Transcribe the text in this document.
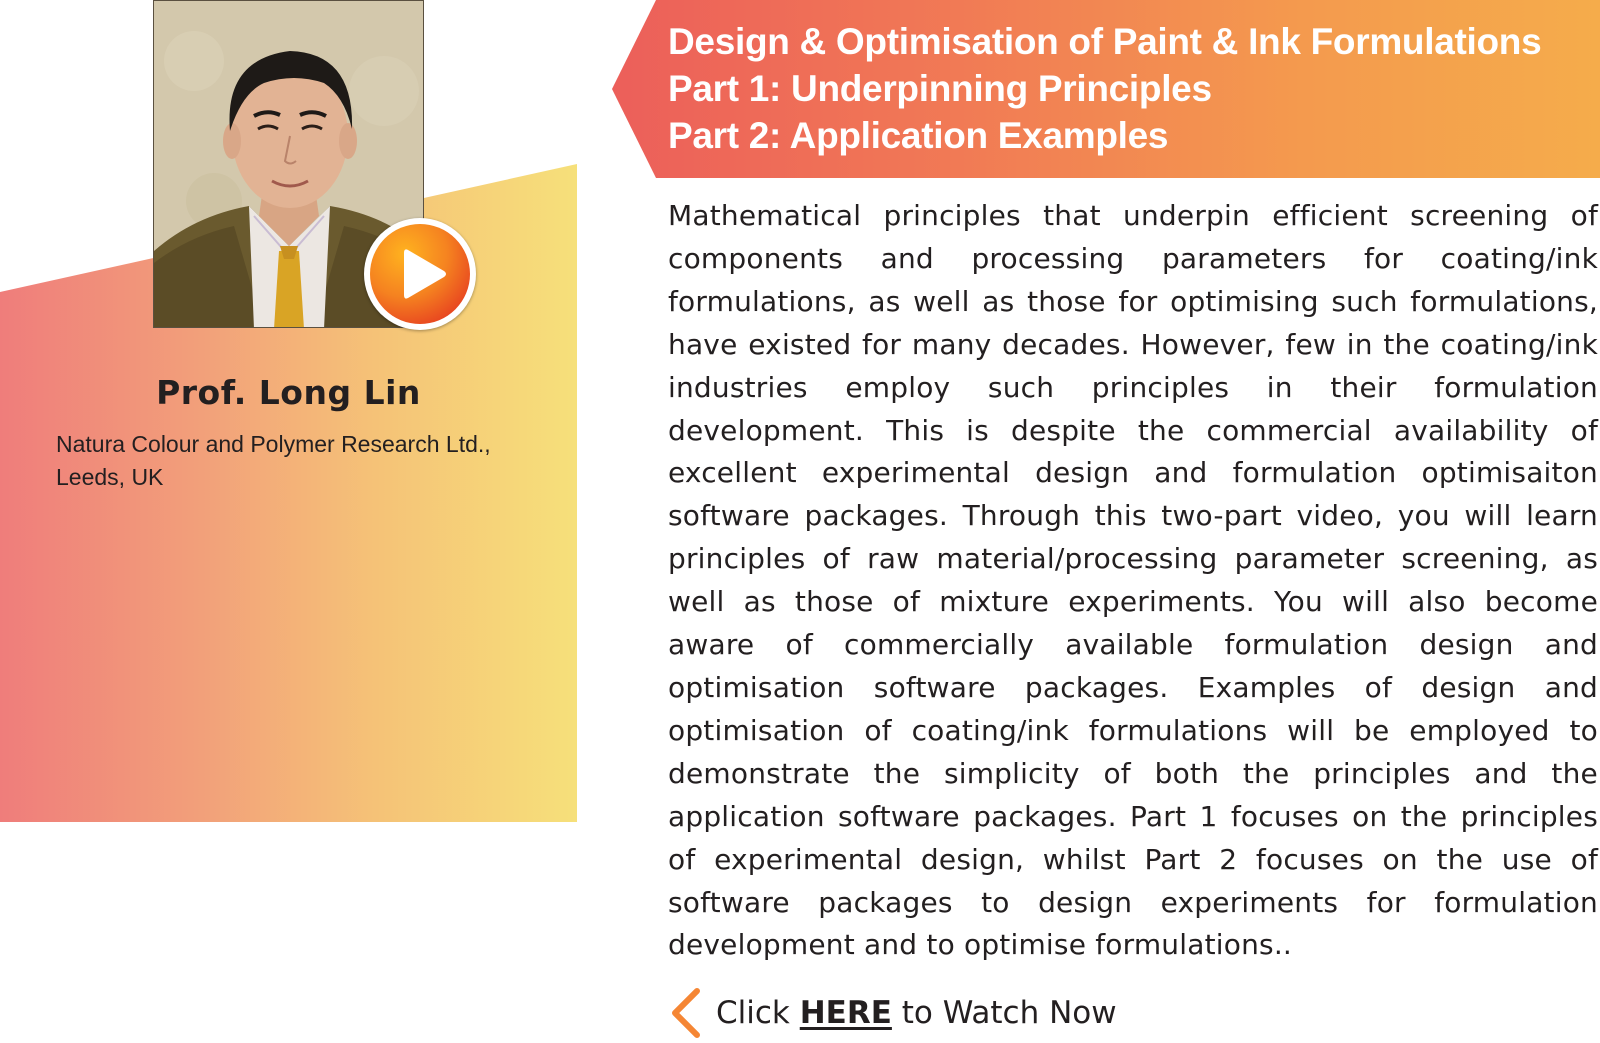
Prof. Long Lin
Natura Colour and Polymer Research Ltd.,
Leeds, UK
Design & Optimisation of Paint & Ink Formulations
Part 1: Underpinning Principles
Part 2: Application Examples
Mathematical principles that underpin efficient screening of components and processing parameters for coating/ink formulations, as well as those for optimising such formulations, have existed for many decades. However, few in the coating/ink industries employ such principles in their formulation development. This is despite the commercial availability of excellent experimental design and formulation optimisaiton software packages. Through this two-part video, you will learn principles of raw material/processing parameter screening, as well as those of mixture experiments. You will also become aware of commercially available formulation design and optimisation software packages. Examples of design and optimisation of coating/ink formulations will be employed to demonstrate the simplicity of both the principles and the application software packages. Part 1 focuses on the principles of experimental design, whilst Part 2 focuses on the use of software packages to design experiments for formulation development and to optimise formulations..
Click HERE to Watch Now
